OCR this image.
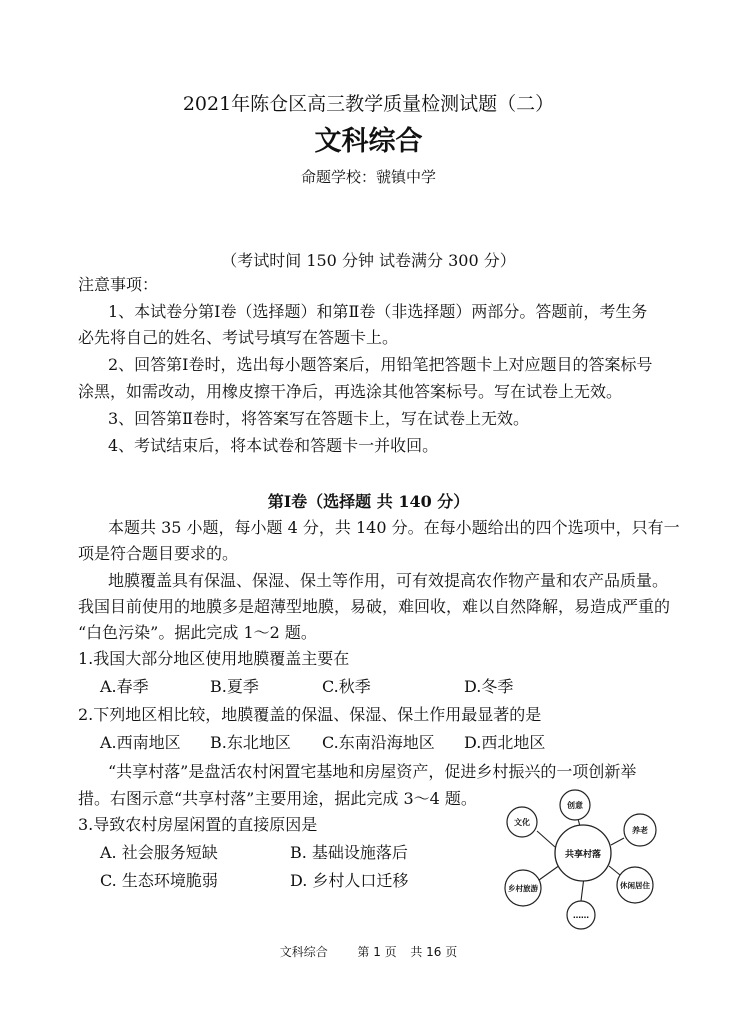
2021年陈仓区高三教学质量检测试题（二）
文科综合
命题学校：虢镇中学
（考试时间 150 分钟 试卷满分 300 分）
注意事项：
1、本试卷分第Ⅰ卷（选择题）和第Ⅱ卷（非选择题）两部分。答题前，考生务
必先将自己的姓名、考试号填写在答题卡上。
2、回答第Ⅰ卷时，选出每小题答案后，用铅笔把答题卡上对应题目的答案标号
涂黑，如需改动，用橡皮擦干净后，再选涂其他答案标号。写在试卷上无效。
3、回答第Ⅱ卷时，将答案写在答题卡上，写在试卷上无效。
4、考试结束后，将本试卷和答题卡一并收回。
第Ⅰ卷（选择题 共 140 分）
本题共 35 小题，每小题 4 分，共 140 分。在每小题给出的四个选项中，只有一
项是符合题目要求的。
地膜覆盖具有保温、保湿、保土等作用，可有效提高农作物产量和农产品质量。
我国目前使用的地膜多是超薄型地膜，易破，难回收，难以自然降解，易造成严重的
“白色污染”。据此完成 1～2 题。
1.我国大部分地区使用地膜覆盖主要在
A.春季	B.夏季	C.秋季	D.冬季
2.下列地区相比较，地膜覆盖的保温、保湿、保土作用最显著的是
A.西南地区 B.东北地区 C.东南沿海地区 D.西北地区
“共享村落”是盘活农村闲置宅基地和房屋资产，促进乡村振兴的一项创新举
措。右图示意“共享村落”主要用途，据此完成 3～4 题。
3.导致农村房屋闲置的直接原因是
A. 社会服务短缺	B. 基础设施落后
C. 生态环境脆弱	D. 乡村人口迁移
共享村落
创意
养老
休闲居住
……
乡村旅游
文化
文科综合 第 1 页 共 16 页
